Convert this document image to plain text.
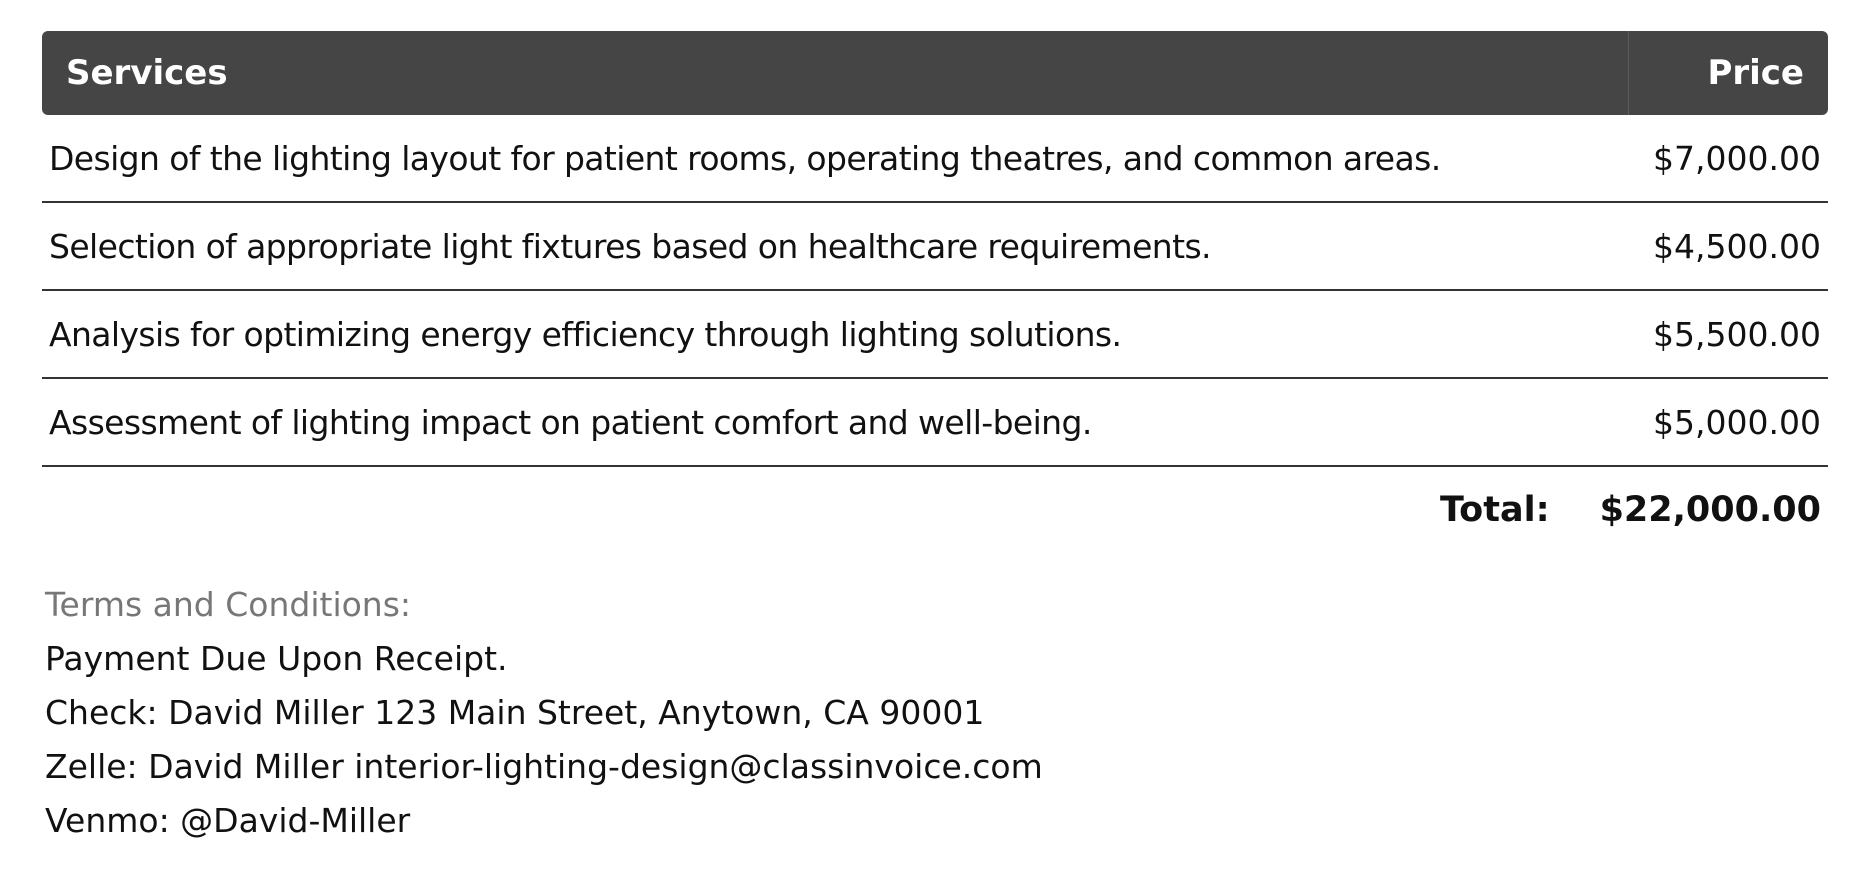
Services	Price
Design of the lighting layout for patient rooms, operating theatres, and common areas.	$7,000.00
Selection of appropriate light fixtures based on healthcare requirements.	$4,500.00
Analysis for optimizing energy efficiency through lighting solutions.	$5,500.00
Assessment of lighting impact on patient comfort and well-being.	$5,000.00
Total: $22,000.00
Terms and Conditions:
Payment Due Upon Receipt.
Check: David Miller 123 Main Street, Anytown, CA 90001
Zelle: David Miller interior-lighting-design@classinvoice.com
Venmo: @David-Miller
